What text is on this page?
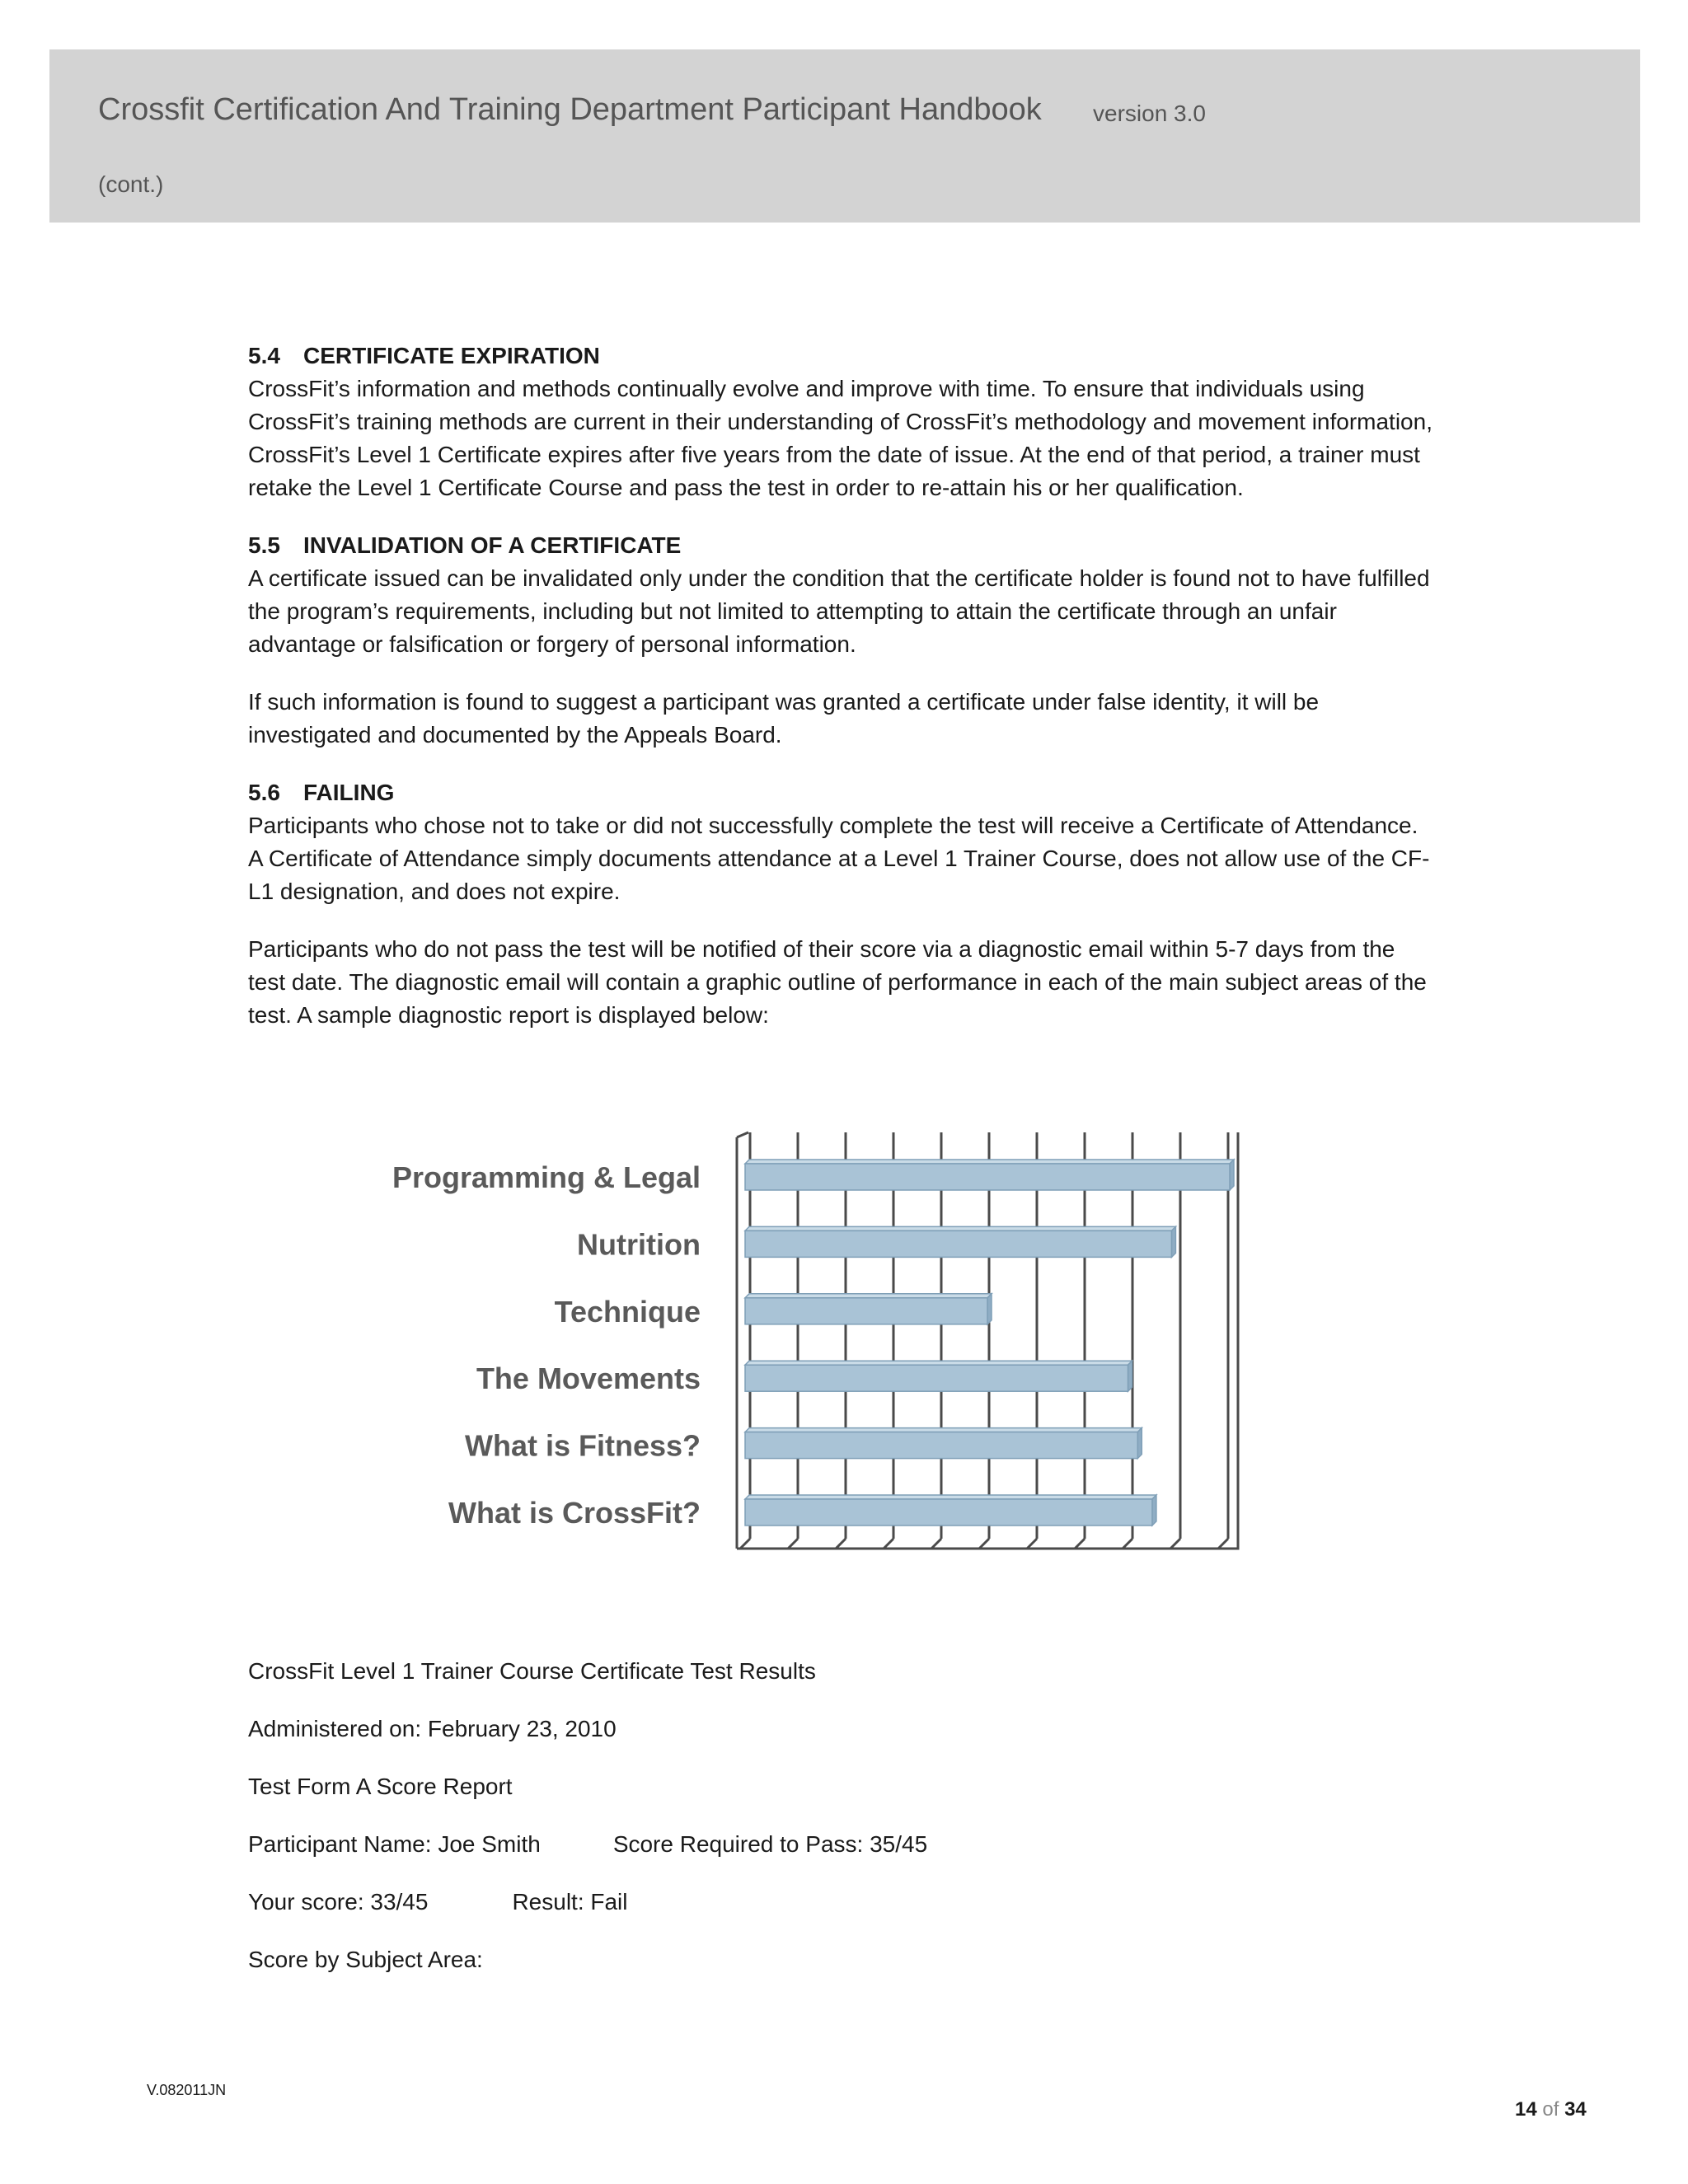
Crossfit Certification And Training Department Participant Handbook version 3.0
(cont.)

5.4 CERTIFICATE EXPIRATION

CrossFit’s information and methods continually evolve and improve with time. To ensure that individuals using CrossFit’s training methods are current in their understanding of CrossFit’s methodology and movement information, CrossFit’s Level 1 Certificate expires after five years from the date of issue. At the end of that period, a trainer must retake the Level 1 Certificate Course and pass the test in order to re-attain his or her qualification.

5.5 INVALIDATION OF A CERTIFICATE

A certificate issued can be invalidated only under the condition that the certificate holder is found not to have fulfilled the program’s requirements, including but not limited to attempting to attain the certificate through an unfair advantage or falsification or forgery of personal information.

If such information is found to suggest a participant was granted a certificate under false identity, it will be investigated and documented by the Appeals Board.

5.6 FAILING

Participants who chose not to take or did not successfully complete the test will receive a Certificate of Attendance. A Certificate of Attendance simply documents attendance at a Level 1 Trainer Course, does not allow use of the CF-L1 designation, and does not expire.

Participants who do not pass the test will be notified of their score via a diagnostic email within 5-7 days from the test date. The diagnostic email will contain a graphic outline of performance in each of the main subject areas of the test. A sample diagnostic report is displayed below:

Programming & Legal
Nutrition
Technique
The Movements
What is Fitness?
What is CrossFit?
CrossFit Level 1 Trainer Course Certificate Test Results
Administered on: February 23, 2010
Test Form A Score Report
Participant Name: Joe Smith	Score Required to Pass: 35/45
Your score: 33/45	Result: Fail
Score by Subject Area:
V.082011JN
14 of 34
